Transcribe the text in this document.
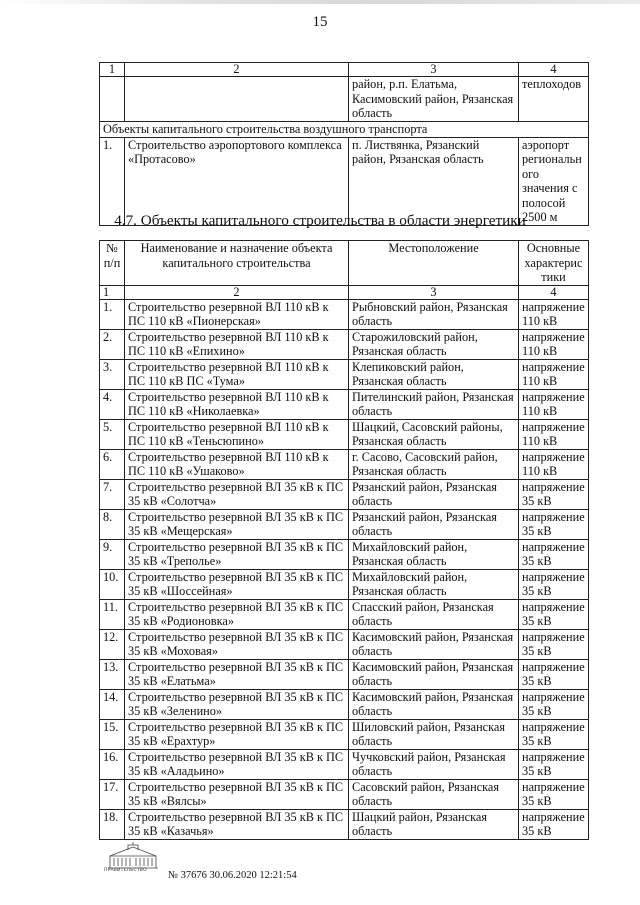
15
1	2	3	4
		район, р.п. Елатьма, Касимовский район, Рязанская область	теплоходов
Объекты капитального строительства воздушного транспорта			
1.	Строительство аэропортового комплекса «Протасово»	п. Листвянка, Рязанский район, Рязанская область	аэропорт регионального значения с полосой 2500 м
4.7. Объекты капитального строительства в области энергетики
№ п/п	Наименование и назначение объекта капитального строительства	Местоположение	Основные характеристики
1	2	3	4
1.	Строительство резервной ВЛ 110 кВ к ПС 110 кВ «Пионерская»	Рыбновский район, Рязанская область	напряжение 110 кВ
2.	Строительство резервной ВЛ 110 кВ к ПС 110 кВ «Епихино»	Старожиловский район, Рязанская область	напряжение 110 кВ
3.	Строительство резервной ВЛ 110 кВ к ПС 110 кВ ПС «Тума»	Клепиковский район, Рязанская область	напряжение 110 кВ
4.	Строительство резервной ВЛ 110 кВ к ПС 110 кВ «Николаевка»	Пителинский район, Рязанская область	напряжение 110 кВ
5.	Строительство резервной ВЛ 110 кВ к ПС 110 кВ «Теньсюпино»	Шацкий, Сасовский районы, Рязанская область	напряжение 110 кВ
6.	Строительство резервной ВЛ 110 кВ к ПС 110 кВ «Ушаково»	г. Сасово, Сасовский район, Рязанская область	напряжение 110 кВ
7.	Строительство резервной ВЛ 35 кВ к ПС 35 кВ «Солотча»	Рязанский район, Рязанская область	напряжение 35 кВ
8.	Строительство резервной ВЛ 35 кВ к ПС 35 кВ «Мещерская»	Рязанский район, Рязанская область	напряжение 35 кВ
9.	Строительство резервной ВЛ 35 кВ к ПС 35 кВ «Треполье»	Михайловский район, Рязанская область	напряжение 35 кВ
10.	Строительство резервной ВЛ 35 кВ к ПС 35 кВ «Шоссейная»	Михайловский район, Рязанская область	напряжение 35 кВ
11.	Строительство резервной ВЛ 35 кВ к ПС 35 кВ «Родионовка»	Спасский район, Рязанская область	напряжение 35 кВ
12.	Строительство резервной ВЛ 35 кВ к ПС 35 кВ «Моховая»	Касимовский район, Рязанская область	напряжение 35 кВ
13.	Строительство резервной ВЛ 35 кВ к ПС 35 кВ «Елатьма»	Касимовский район, Рязанская область	напряжение 35 кВ
14.	Строительство резервной ВЛ 35 кВ к ПС 35 кВ «Зеленино»	Касимовский район, Рязанская область	напряжение 35 кВ
15.	Строительство резервной ВЛ 35 кВ к ПС 35 кВ «Ерахтур»	Шиловский район, Рязанская область	напряжение 35 кВ
16.	Строительство резервной ВЛ 35 кВ к ПС 35 кВ «Аладьино»	Чучковский район, Рязанская область	напряжение 35 кВ
17.	Строительство резервной ВЛ 35 кВ к ПС 35 кВ «Вялсы»	Сасовский район, Рязанская область	напряжение 35 кВ
18.	Строительство резервной ВЛ 35 кВ к ПС 35 кВ «Казачья»	Шацкий район, Рязанская область	напряжение 35 кВ
ПРАВИТЕЛЬСТВО	№ 37676 30.06.2020 12:21:54
